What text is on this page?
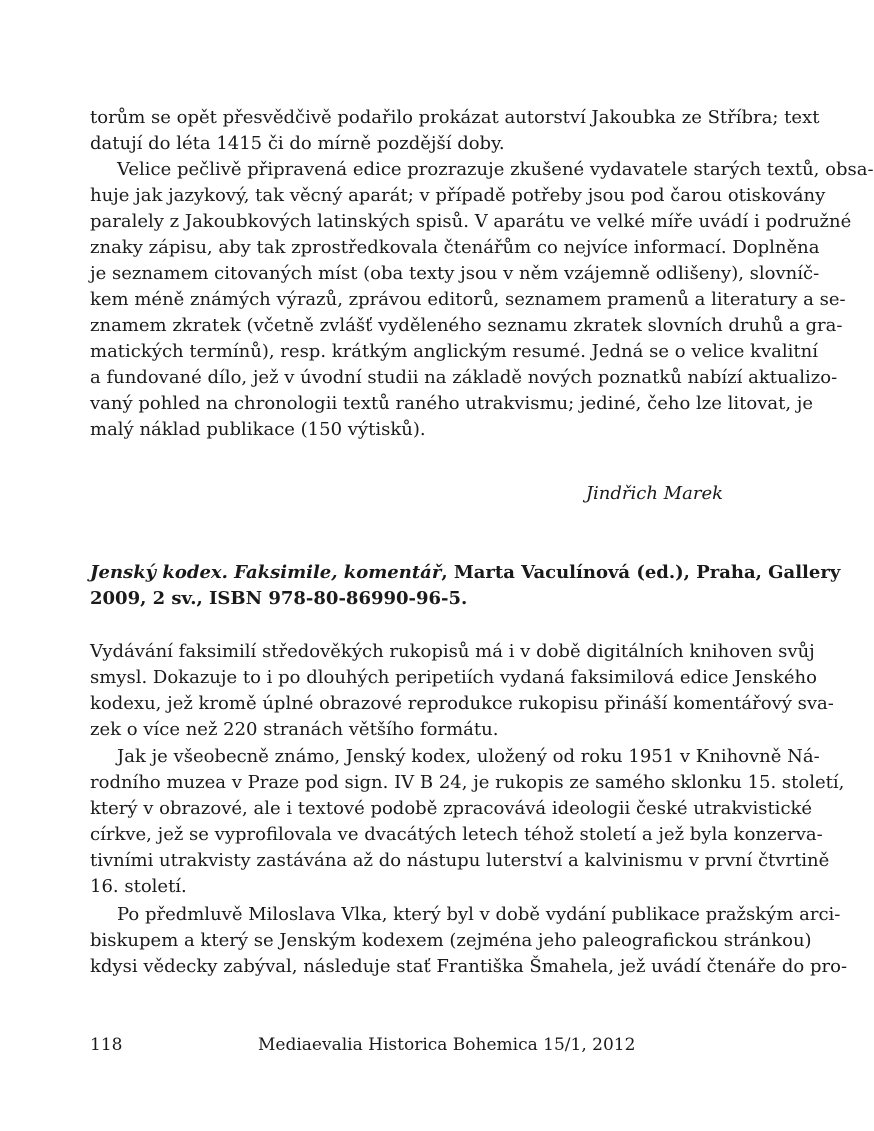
torům se opět přesvědčivě podařilo prokázat autorství Jakoubka ze Stříbra; text
datují do léta 1415 či do mírně pozdější doby.
Velice pečlivě připravená edice prozrazuje zkušené vydavatele starých textů, obsa-
huje jak jazykový, tak věcný aparát; v případě potřeby jsou pod čarou otiskovány
paralely z Jakoubkových latinských spisů. V aparátu ve velké míře uvádí i podružné
znaky zápisu, aby tak zprostředkovala čtenářům co nejvíce informací. Doplněna
je seznamem citovaných míst (oba texty jsou v něm vzájemně odlišeny), slovníč-
kem méně známých výrazů, zprávou editorů, seznamem pramenů a literatury a se-
znamem zkratek (včetně zvlášť vyděleného seznamu zkratek slovních druhů a gra-
matických termínů), resp. krátkým anglickým resumé. Jedná se o velice kvalitní
a fundované dílo, jež v úvodní studii na základě nových poznatků nabízí aktualizo-
vaný pohled na chronologii textů raného utrakvismu; jediné, čeho lze litovat, je
malý náklad publikace (150 výtisků).
Jindřich Marek
Jenský kodex. Faksimile, komentář, Marta Vaculínová (ed.), Praha, Gallery
2009, 2 sv., ISBN 978-80-86990-96-5.
Vydávání faksimilí středověkých rukopisů má i v době digitálních knihoven svůj
smysl. Dokazuje to i po dlouhých peripetiích vydaná faksimilová edice Jenského
kodexu, jež kromě úplné obrazové reprodukce rukopisu přináší komentářový sva-
zek o více než 220 stranách většího formátu.
Jak je všeobecně známo, Jenský kodex, uložený od roku 1951 v Knihovně Ná-
rodního muzea v Praze pod sign. IV B 24, je rukopis ze samého sklonku 15. století,
který v obrazové, ale i textové podobě zpracovává ideologii české utrakvistické
církve, jež se vyprofilovala ve dvacátých letech téhož století a jež byla konzerva-
tivními utrakvisty zastávána až do nástupu luterství a kalvinismu v první čtvrtině
16. století.
Po předmluvě Miloslava Vlka, který byl v době vydání publikace pražským arci-
biskupem a který se Jenským kodexem (zejména jeho paleografickou stránkou)
kdysi vědecky zabýval, následuje stať Františka Šmahela, jež uvádí čtenáře do pro-
118	Mediaevalia Historica Bohemica 15/1, 2012
